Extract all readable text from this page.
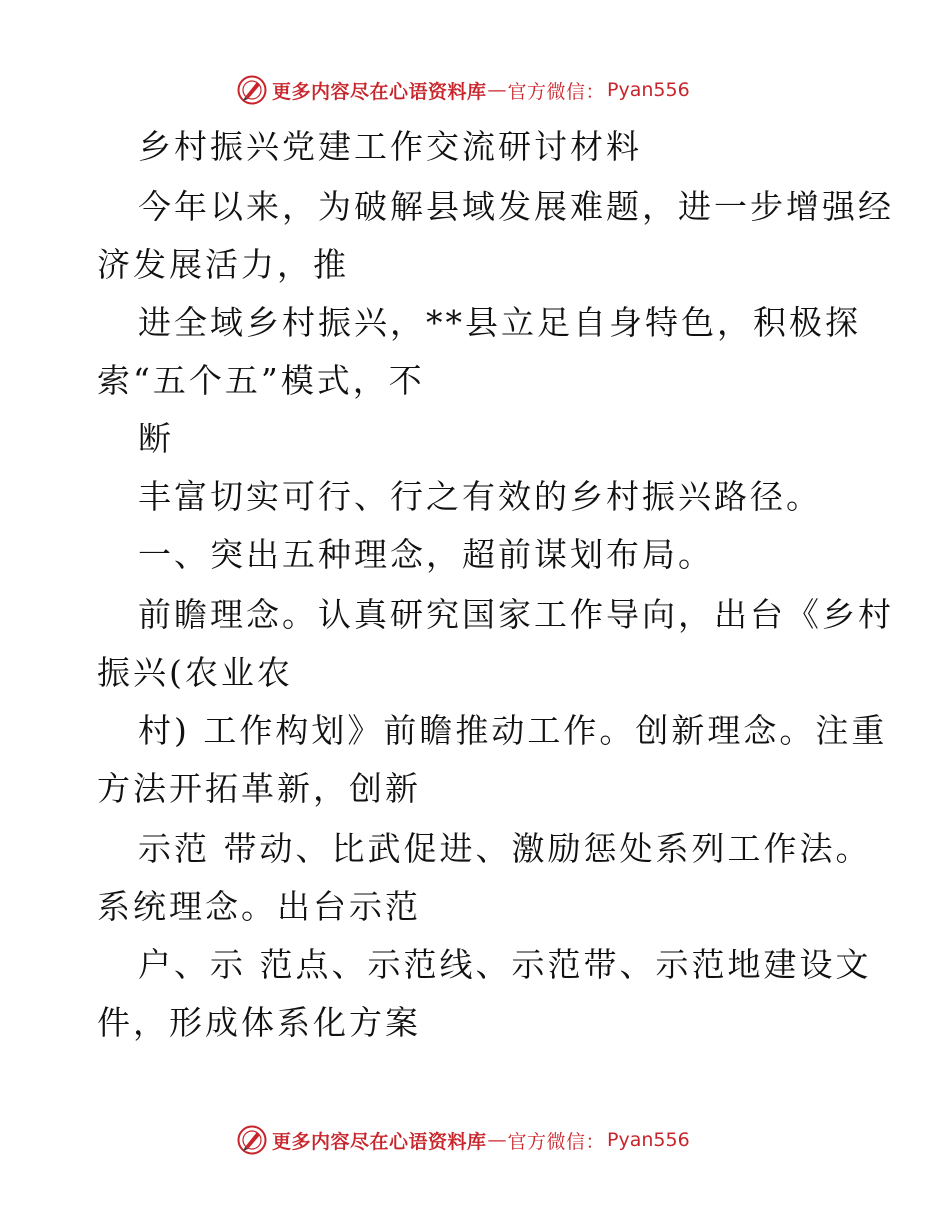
更多内容尽在心语资料库 — 官方微信： Pyan556

乡村振兴党建工作交流研讨材料

今年以来，为破解县域发展难题，进一步增强经

济发展活力，推

进全域乡村振兴，**县立足自身特色，积极探

索“五个五”模式，不

断

丰富切实可行、行之有效的乡村振兴路径。

一、突出五种理念，超前谋划布局。

前瞻理念。认真研究国家工作导向，出台《乡村

振兴(农业农

村) 工作构划》前瞻推动工作。创新理念。注重

方法开拓革新，创新

示范 带动、比武促进、激励惩处系列工作法。

系统理念。出台示范

户、示 范点、示范线、示范带、示范地建设文

件，形成体系化方案

更多内容尽在心语资料库 — 官方微信： Pyan556
